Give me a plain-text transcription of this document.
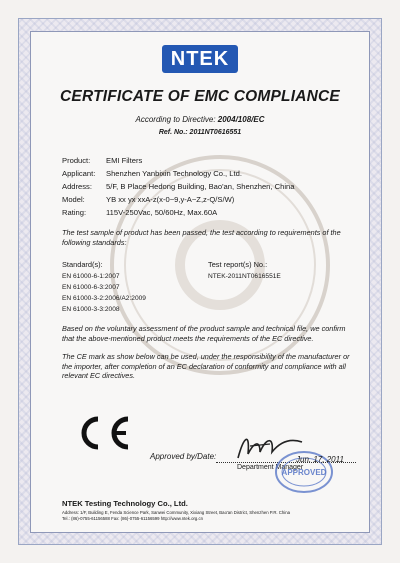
NTEK
CERTIFICATE OF EMC COMPLIANCE
According to Directive: 2004/108/EC
Ref. No.: 2011NT0616551
Product:	EMI Filters
Applicant:	Shenzhen Yanbixin Technology Co., Ltd.
Address:	5/F, B Place Hedong Building, Bao'an, Shenzhen, China
Model:	YB xx yx xxA-z(x-0~9,y-A~Z,z-Q/S/W)
Rating:	115V-250Vac, 50/60Hz, Max.60A
The test sample of product has been passed, the test according to requirements of the following standards:
Standard(s):
EN 61000-6-1:2007
EN 61000-6-3:2007
EN 61000-3-2:2006/A2:2009
EN 61000-3-3:2008
Test report(s) No.:
NTEK-2011NT0616551E
Based on the voluntary assessment of the product sample and technical file, we confirm that the above-mentioned product meets the requirements of the EC directive.
The CE mark as show below can be used, under the responsibility of the manufacturer or the importer, after completion of an EC declaration of conformity and compliance with all relevant EC directives.
Approved by/Date:
Department Manager
APPROVED
Jun. 17, 2011
NTEK Testing Technology Co., Ltd.
Address: 1/F, Building E, Fenda Science Park, Sanwei Community, Xixiang Street, Bao'an District, Shenzhen P.R. China
Tel.: (86)-0755-61156588 Fax: (86)-0755-61156599 http://www.ntek.org.cn
